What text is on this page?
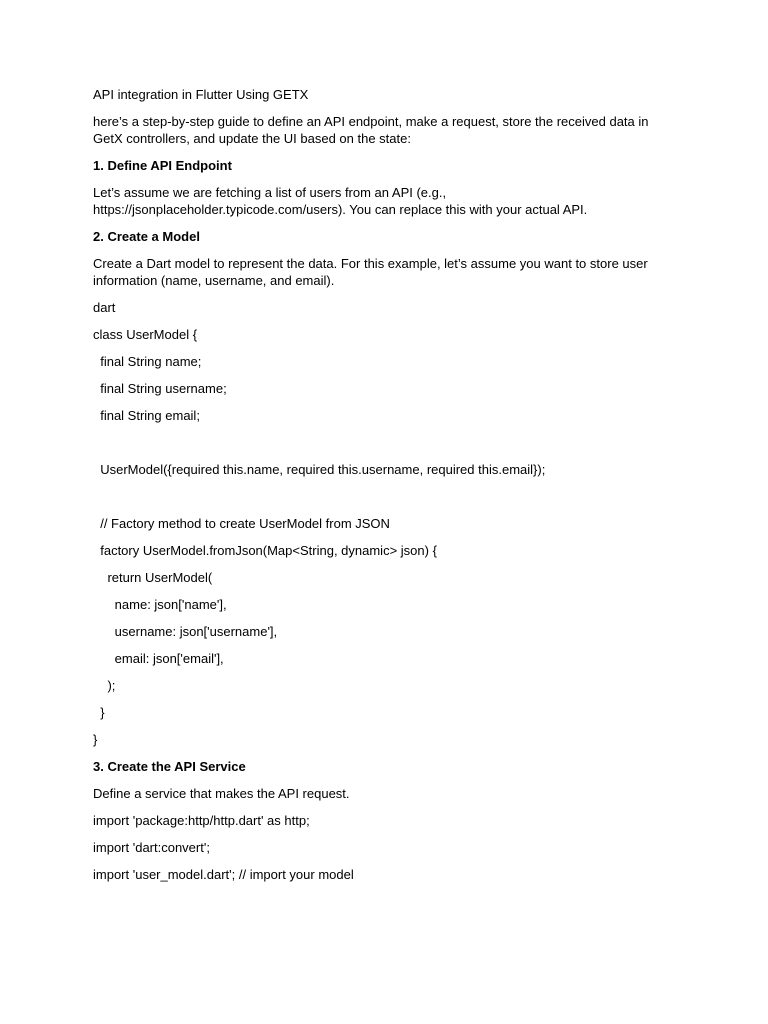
API integration in Flutter Using GETX

here’s a step-by-step guide to define an API endpoint, make a request, store the received data in GetX controllers, and update the UI based on the state:

1. Define API Endpoint

Let’s assume we are fetching a list of users from an API (e.g., https://jsonplaceholder.typicode.com/users). You can replace this with your actual API.

2. Create a Model

Create a Dart model to represent the data. For this example, let’s assume you want to store user information (name, username, and email).

dart

class UserModel {

final String name;

final String username;

final String email;

UserModel({required this.name, required this.username, required this.email});

// Factory method to create UserModel from JSON

factory UserModel.fromJson(Map<String, dynamic> json) {

return UserModel(

name: json['name'],

username: json['username'],

email: json['email'],

);

}

}

3. Create the API Service

Define a service that makes the API request.

import 'package:http/http.dart' as http;

import 'dart:convert';

import 'user_model.dart'; // import your model
